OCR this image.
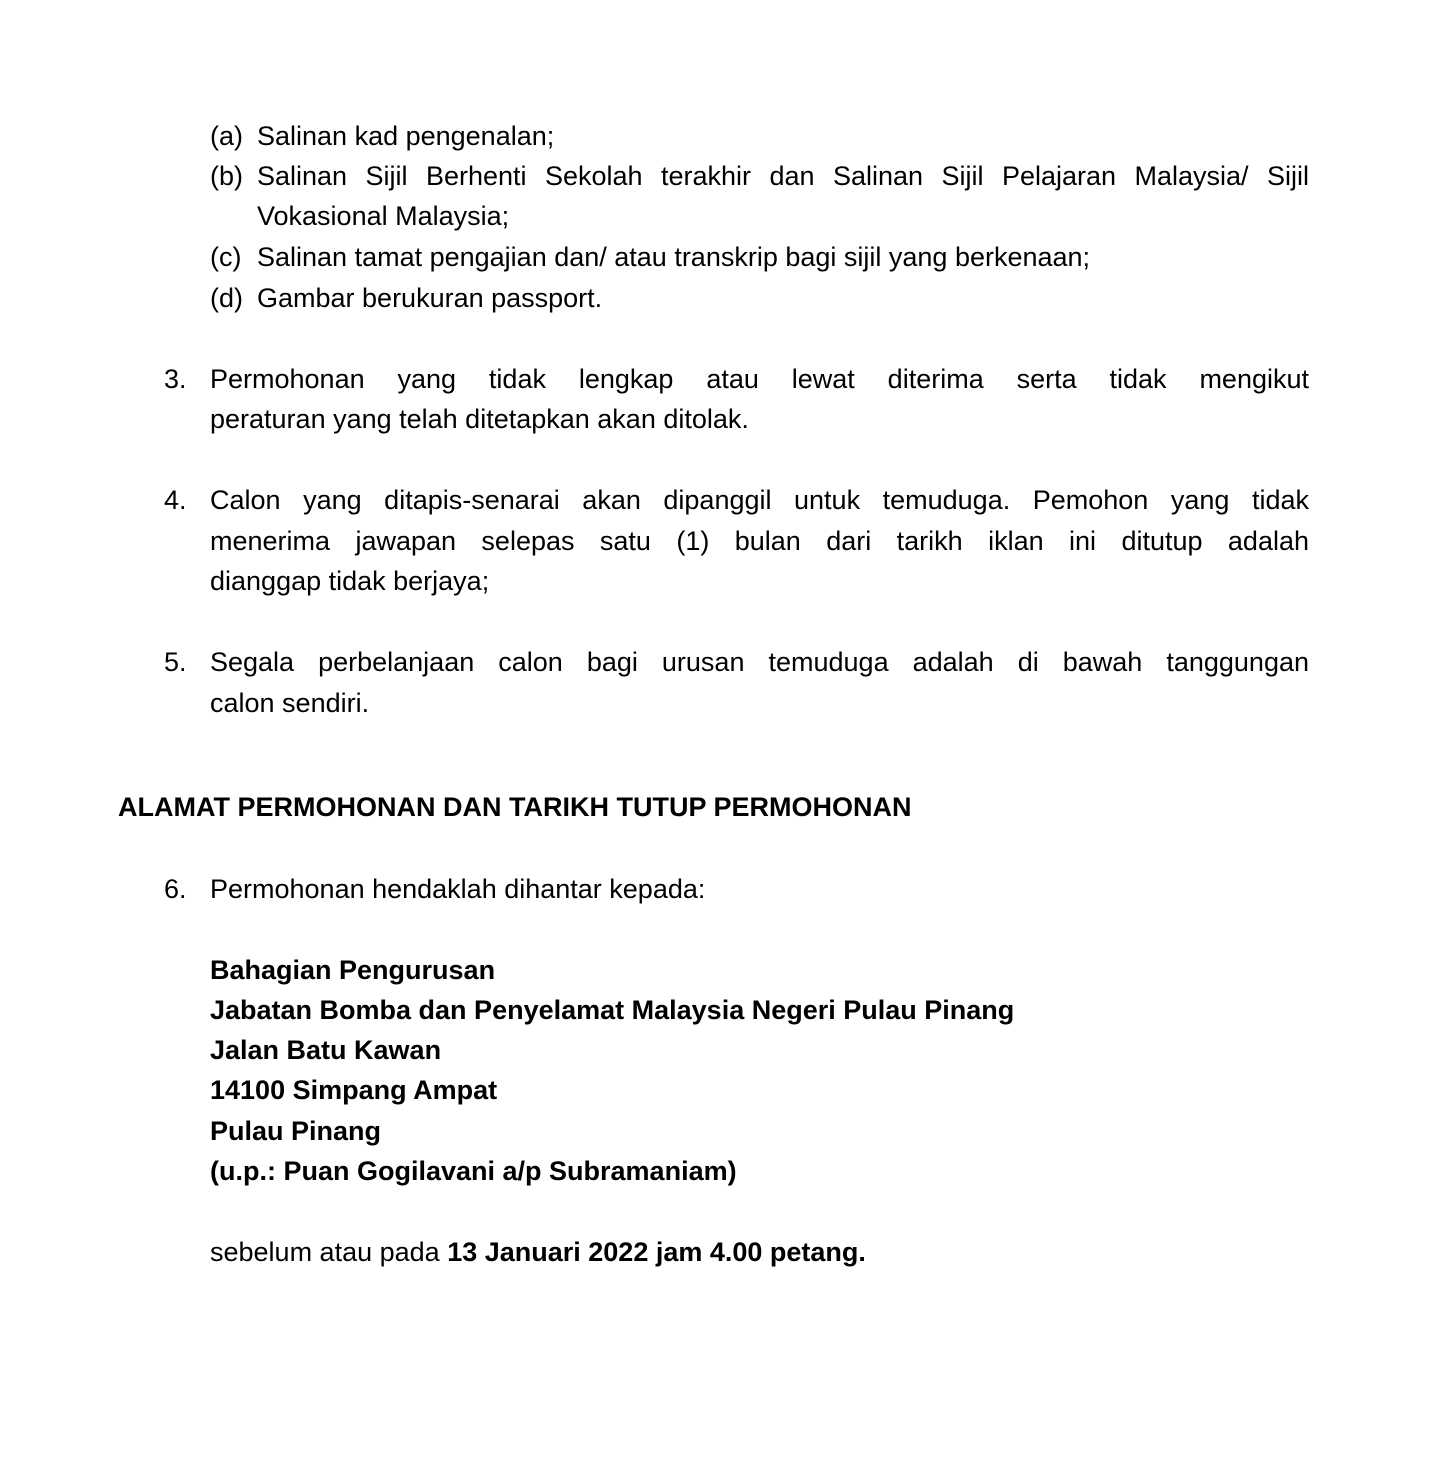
(a) Salinan kad pengenalan;
(b) Salinan Sijil Berhenti Sekolah terakhir dan Salinan Sijil Pelajaran Malaysia/ Sijil
Vokasional Malaysia;
(c) Salinan tamat pengajian dan/ atau transkrip bagi sijil yang berkenaan;
(d) Gambar berukuran passport.
3. Permohonan yang tidak lengkap atau lewat diterima serta tidak mengikut
peraturan yang telah ditetapkan akan ditolak.
4. Calon yang ditapis-senarai akan dipanggil untuk temuduga. Pemohon yang tidak
menerima jawapan selepas satu (1) bulan dari tarikh iklan ini ditutup adalah
dianggap tidak berjaya;
5. Segala perbelanjaan calon bagi urusan temuduga adalah di bawah tanggungan
calon sendiri.
ALAMAT PERMOHONAN DAN TARIKH TUTUP PERMOHONAN
6. Permohonan hendaklah dihantar kepada:
Bahagian Pengurusan
Jabatan Bomba dan Penyelamat Malaysia Negeri Pulau Pinang
Jalan Batu Kawan
14100 Simpang Ampat
Pulau Pinang
(u.p.: Puan Gogilavani a/p Subramaniam)
sebelum atau pada 13 Januari 2022 jam 4.00 petang.
